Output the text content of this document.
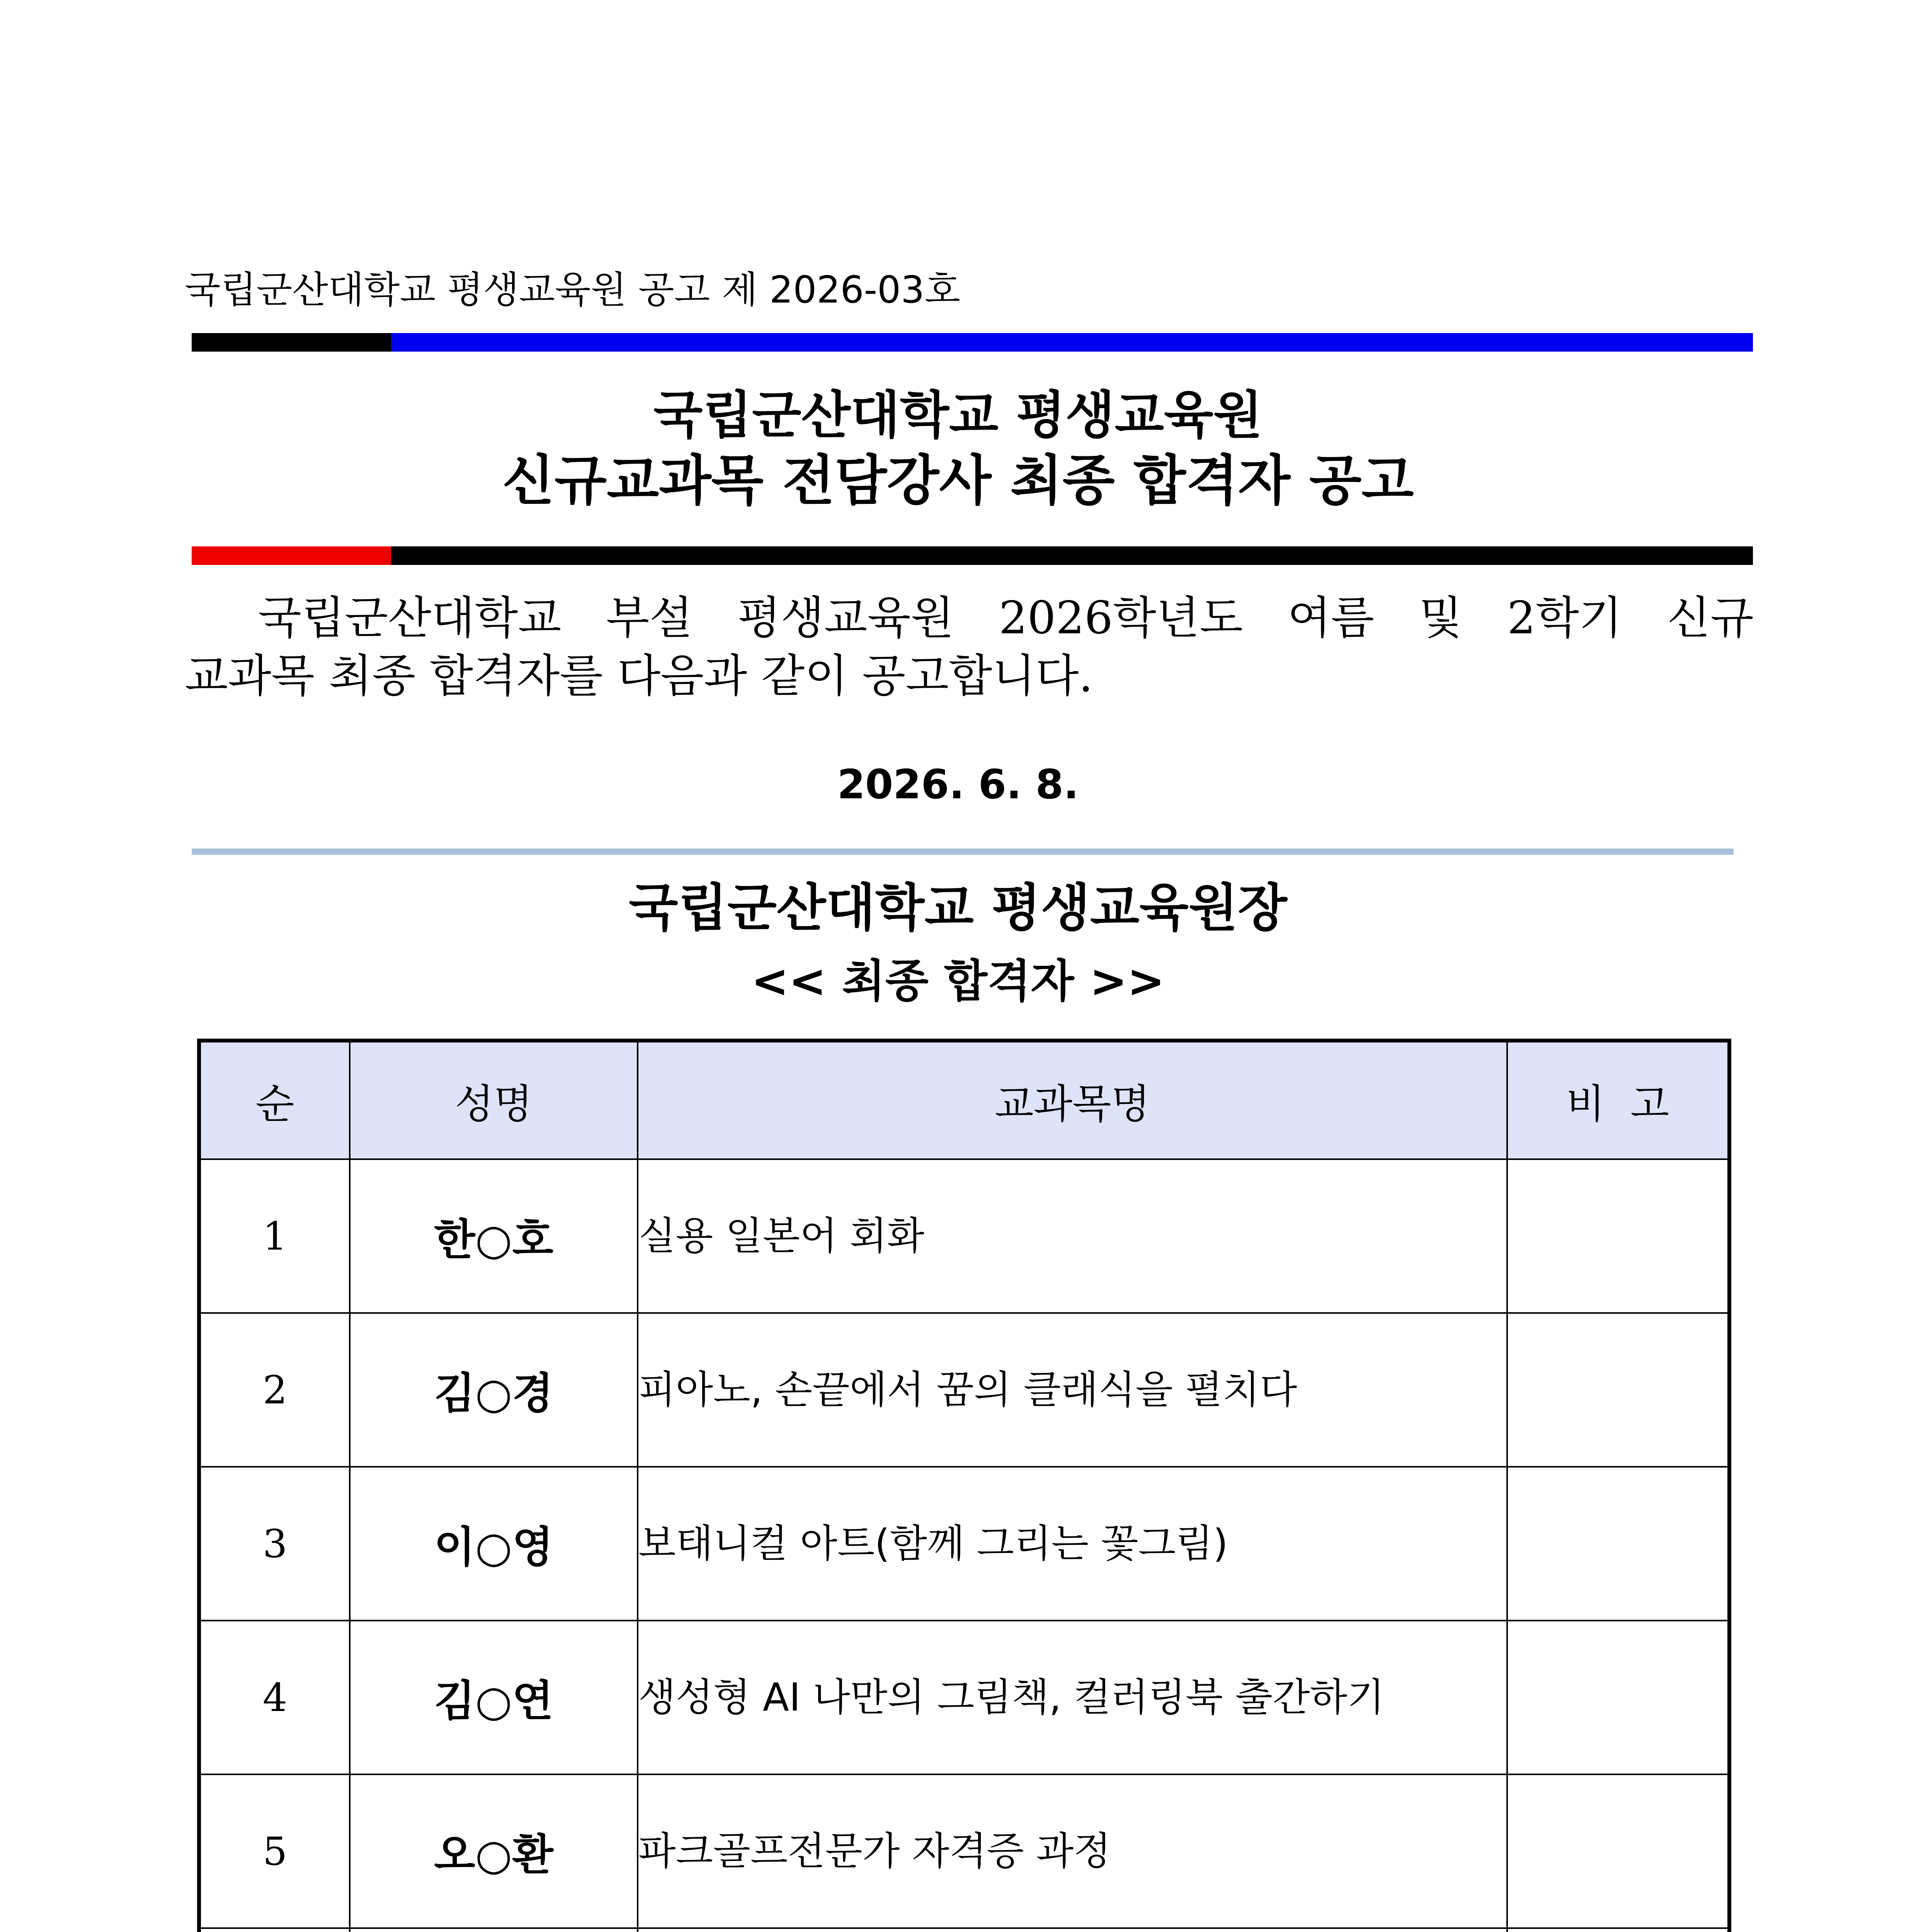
국립군산대학교 평생교육원 공고 제 2026-03호
국립군산대학교 평생교육원
신규교과목 전담강사 최종 합격자 공고
국립군산대학교 부설 평생교육원 2026학년도 여름 및 2학기 신규
교과목 최종 합격자를 다음과 같이 공고합니다.
2026. 6. 8.
국립군산대학교 평생교육원장
<< 최종 합격자 >>
순	성명	교과목명	비  고
1	한○호	실용 일본어 회화	

2	김○경	피아노, 손끝에서 꿈의 클래식을 펼치다	

3	이○영	보태니컬 아트(함께 그리는 꽃그림)	

4	김○연	생성형 AI 나만의 그림책, 컬러링북 출간하기	

5	오○환	파크골프전문가 자격증 과정	
